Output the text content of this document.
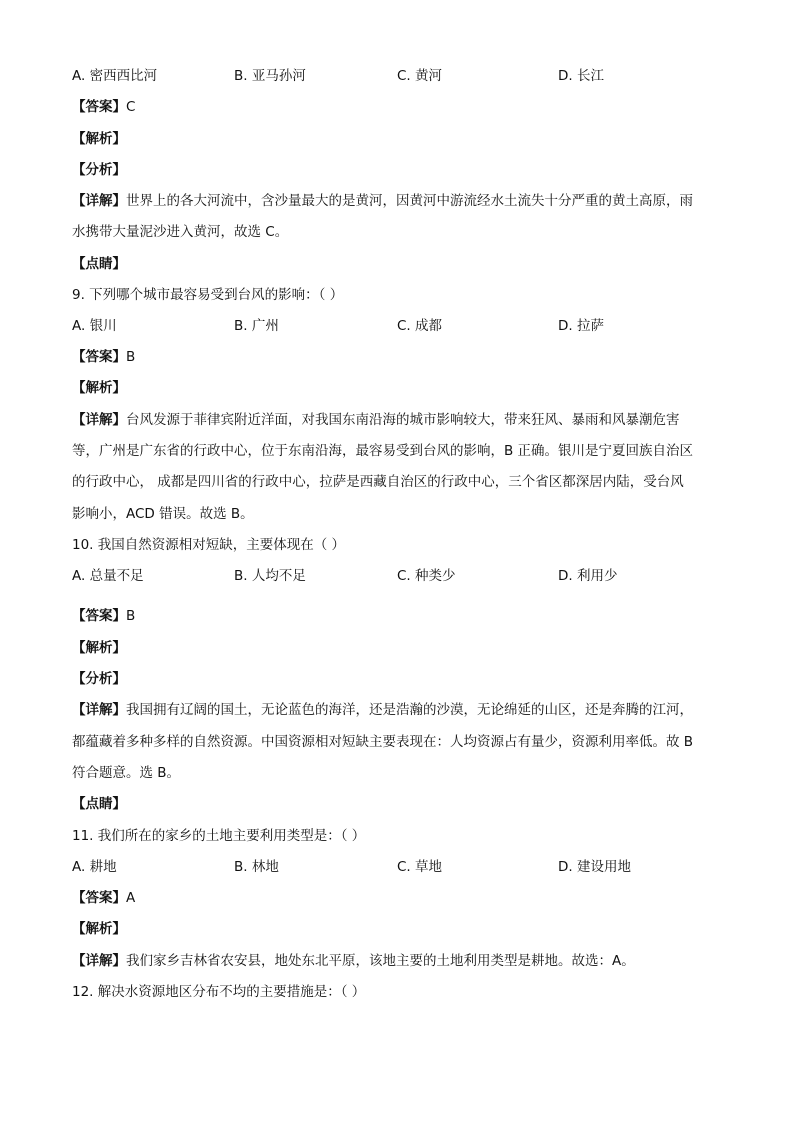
A. 密西西比河	B. 亚马孙河	C. 黄河	D. 长江
【答案】C
【解析】
【分析】
【详解】世界上的各大河流中，含沙量最大的是黄河，因黄河中游流经水土流失十分严重的黄土高原，雨
水携带大量泥沙进入黄河，故选 C。
【点睛】
9. 下列哪个城市最容易受到台风的影响：（ ）
A. 银川	B. 广州	C. 成都	D. 拉萨
【答案】B
【解析】
【详解】台风发源于菲律宾附近洋面，对我国东南沿海的城市影响较大，带来狂风、暴雨和风暴潮危害
等，广州是广东省的行政中心，位于东南沿海，最容易受到台风的影响，B 正确。银川是宁夏回族自治区
的行政中心， 成都是四川省的行政中心，拉萨是西藏自治区的行政中心，三个省区都深居内陆，受台风
影响小，ACD 错误。故选 B。
10. 我国自然资源相对短缺，主要体现在（ ）
A. 总量不足	B. 人均不足	C. 种类少	D. 利用少
【答案】B
【解析】
【分析】
【详解】我国拥有辽阔的国土，无论蓝色的海洋，还是浩瀚的沙漠，无论绵延的山区，还是奔腾的江河，
都蕴藏着多种多样的自然资源。中国资源相对短缺主要表现在：人均资源占有量少，资源利用率低。故 B
符合题意。选 B。
【点睛】
11. 我们所在的家乡的土地主要利用类型是：（ ）
A. 耕地	B. 林地	C. 草地	D. 建设用地
【答案】A
【解析】
【详解】我们家乡吉林省农安县，地处东北平原，该地主要的土地利用类型是耕地。故选：A。
12. 解决水资源地区分布不均的主要措施是：（ ）
